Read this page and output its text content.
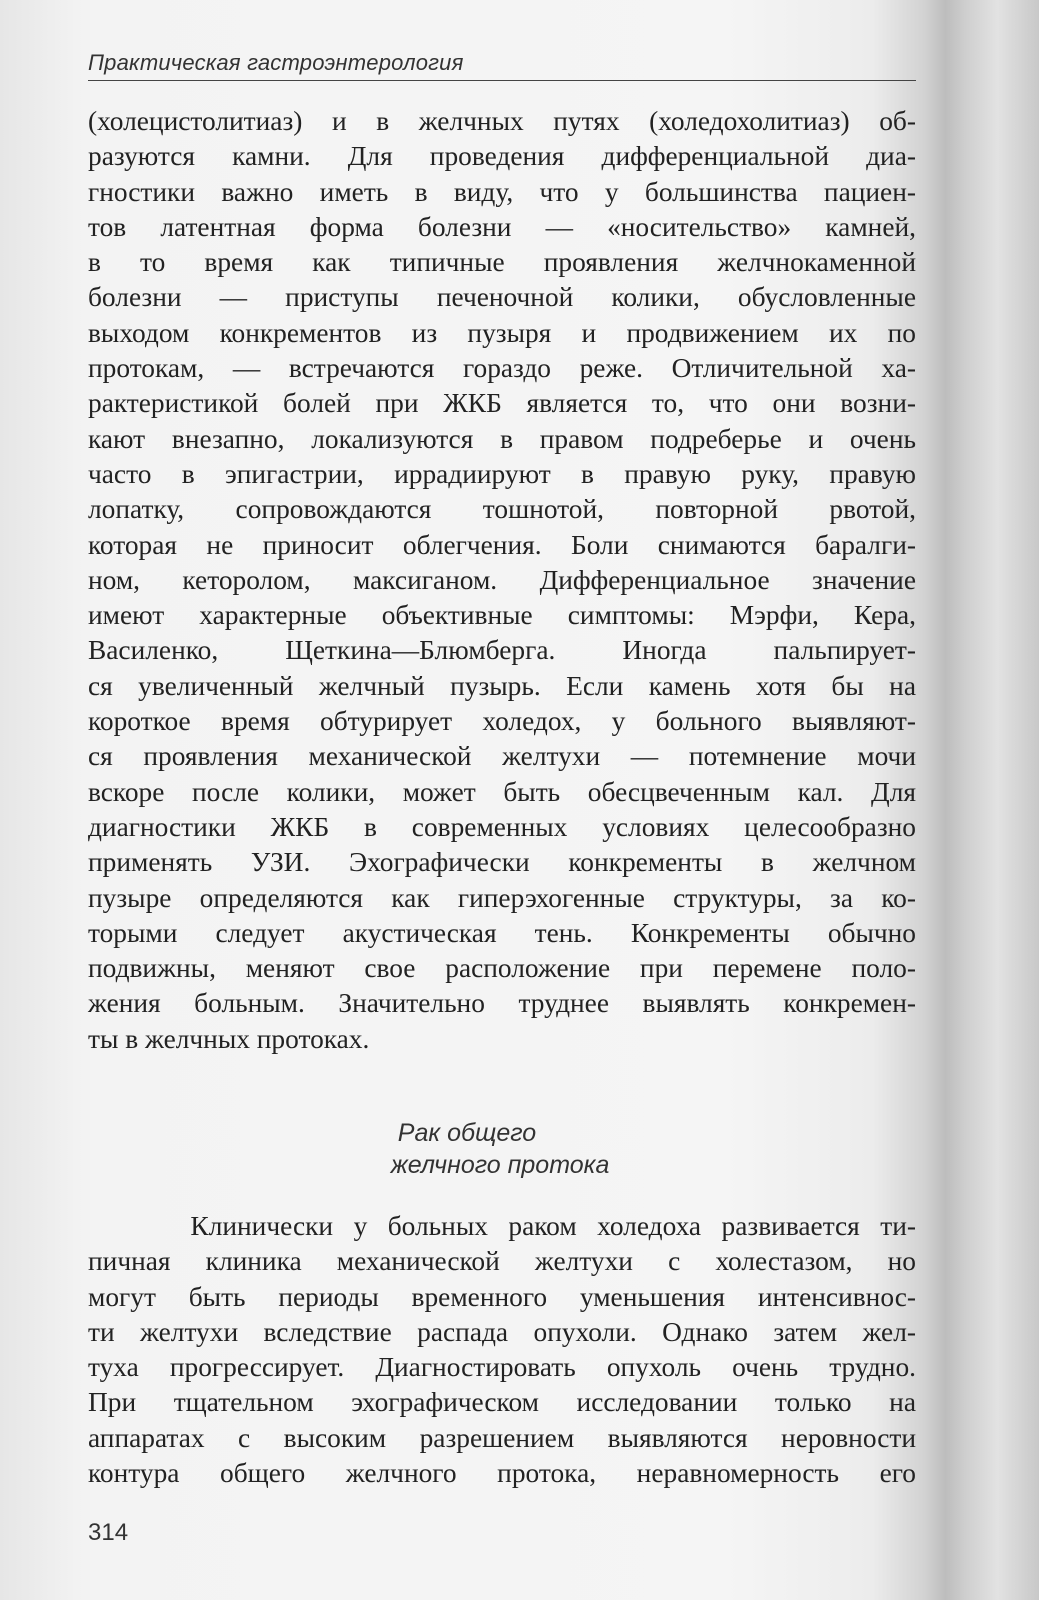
Практическая гастроэнтерология
(холецистолитиаз) и в желчных путях (холедохолитиаз) об-
разуются камни. Для проведения дифференциальной диа-
гностики важно иметь в виду, что у большинства пациен-
тов латентная форма болезни — «носительство» камней,
в то время как типичные проявления желчнокаменной
болезни — приступы печеночной колики, обусловленные
выходом конкрементов из пузыря и продвижением их по
протокам, — встречаются гораздо реже. Отличительной ха-
рактеристикой болей при ЖКБ является то, что они возни-
кают внезапно, локализуются в правом подреберье и очень
часто в эпигастрии, иррадиируют в правую руку, правую
лопатку, сопровождаются тошнотой, повторной рвотой,
которая не приносит облегчения. Боли снимаются баралги-
ном, кетоpолом, максиганом. Дифференциальное значение
имеют характерные объективные симптомы: Мэрфи, Кера,
Василенко, Щеткина—Блюмберга. Иногда пальпирует-
ся увеличенный желчный пузырь. Если камень хотя бы на
короткое время обтурирует холедох, у больного выявляют-
ся проявления механической желтухи — потемнение мочи
вскоре после колики, может быть обесцвеченным кал. Для
диагностики ЖКБ в современных условиях целесообразно
применять УЗИ. Эхографически конкременты в желчном
пузыре определяются как гиперэхогенные структуры, за ко-
торыми следует акустическая тень. Конкременты обычно
подвижны, меняют свое расположение при перемене поло-
жения больным. Значительно труднее выявлять конкремен-
ты в желчных протоках.
Рак общего
желчного протока
Клинически у больных раком холедоха развивается ти-
пичная клиника механической желтухи с холестазом, но
могут быть периоды временного уменьшения интенсивнос-
ти желтухи вследствие распада опухоли. Однако затем жел-
туха прогрессирует. Диагностировать опухоль очень трудно.
При тщательном эхографическом исследовании только на
аппаратах с высоким разрешением выявляются неровности
контура общего желчного протока, неравномерность его
314
